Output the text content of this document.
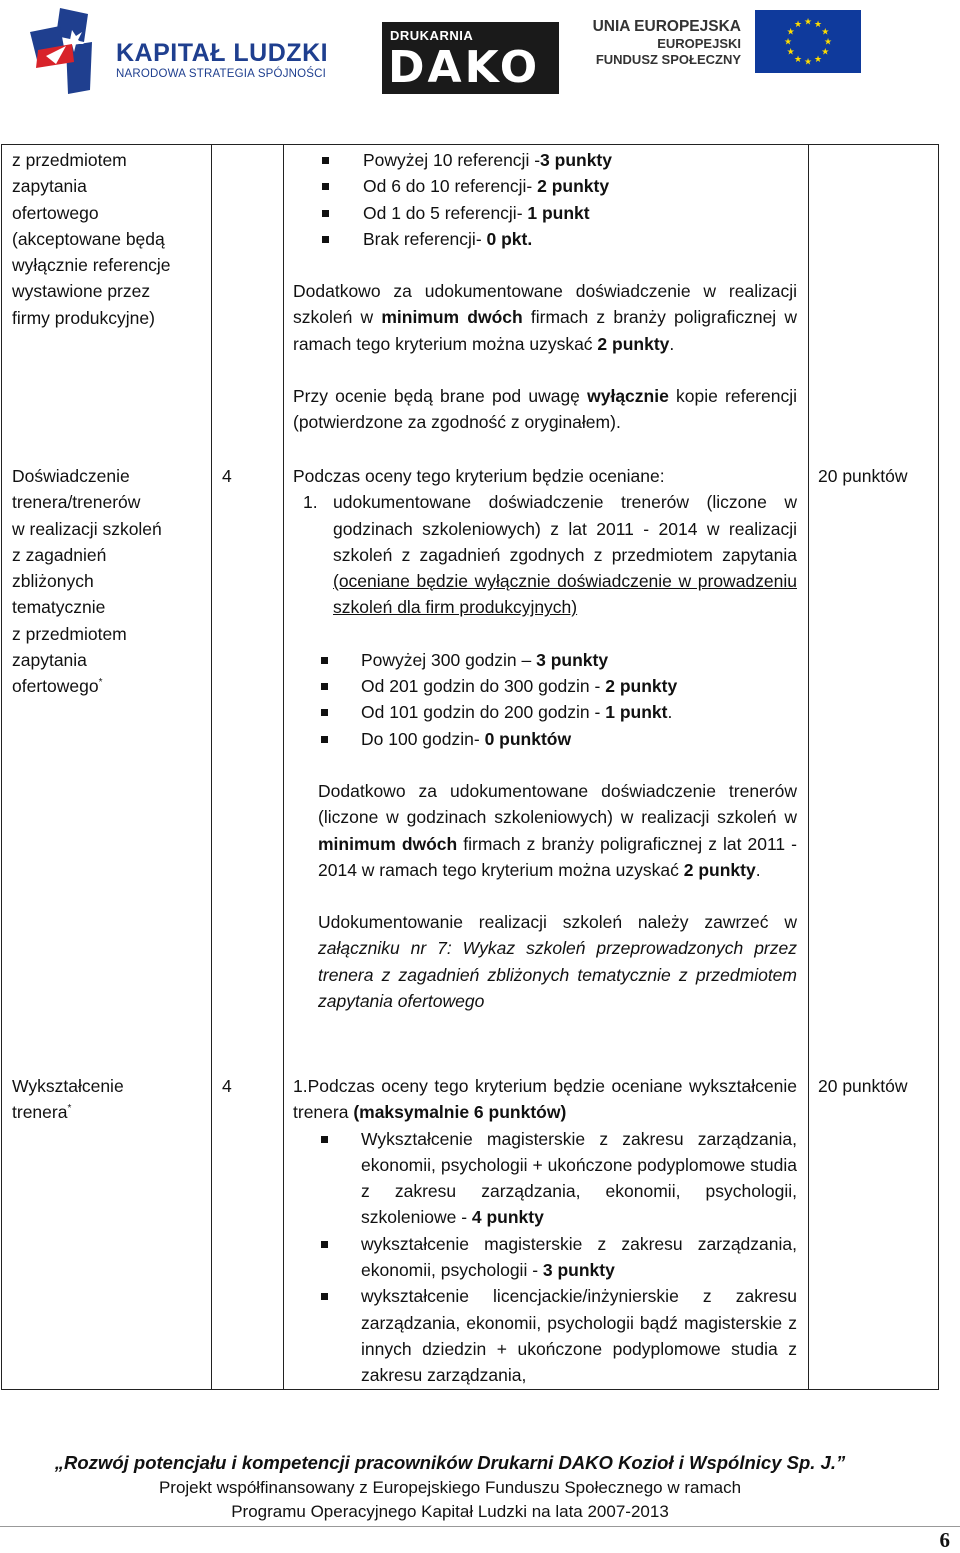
KAPITAŁ LUDZKI
NARODOWA STRATEGIA SPÓJNOŚCI
DRUKARNIA
DAKO
UNIA EUROPEJSKA
EUROPEJSKI
FUNDUSZ SPOŁECZNY
★
★
★
★
★
★
★
★
★ ★ ★
★
z przedmiotem
zapytania
ofertowego
(akceptowane będą
wyłącznie referencje
wystawione przez
firmy produkcyjne)
Powyżej 10 referencji -3 punkty
Od 6 do 10 referencji- 2 punkty
Od 1 do 5 referencji- 1 punkt
Brak referencji- 0 pkt.

Dodatkowo za udokumentowane doświadczenie w realizacji szkoleń w minimum dwóch firmach z branży poligraficznej w ramach tego kryterium można uzyskać 2 punkty.

Przy ocenie będą brane pod uwagę wyłącznie kopie referencji (potwierdzone za zgodność z oryginałem).

Doświadczenie
trenera/trenerów
w realizacji szkoleń
z zagadnień
zbliżonych
tematycznie
z przedmiotem
zapytania
ofertowego*
4	20 punktów

Podczas oceny tego kryterium będzie oceniane:

1. udokumentowane doświadczenie trenerów (liczone w godzinach szkoleniowych) z lat 2011 - 2014 w realizacji szkoleń z zagadnień zgodnych z przedmiotem zapytania (oceniane będzie wyłącznie doświadczenie w prowadzeniu szkoleń dla firm produkcyjnych)
Powyżej 300 godzin – 3 punkty
Od 201 godzin do 300 godzin - 2 punkty
Od 101 godzin do 200 godzin - 1 punkt.
Do 100 godzin- 0 punktów

Dodatkowo za udokumentowane doświadczenie trenerów (liczone w godzinach szkoleniowych) w realizacji szkoleń w minimum dwóch firmach z branży poligraficznej z lat 2011 - 2014 w ramach tego kryterium można uzyskać 2 punkty.

Udokumentowanie realizacji szkoleń należy zawrzeć w załączniku nr 7: Wykaz szkoleń przeprowadzonych przez trenera z zagadnień zbliżonych tematycznie z przedmiotem zapytania ofertowego

Wykształcenie
trenera*
4	20 punktów

1.Podczas oceny tego kryterium będzie oceniane wykształcenie trenera (maksymalnie 6 punktów)

Wykształcenie magisterskie z zakresu zarządzania, ekonomii, psychologii + ukończone podyplomowe studia z zakresu zarządzania, ekonomii, psychologii, szkoleniowe - 4 punkty
wykształcenie magisterskie z zakresu zarządzania, ekonomii, psychologii - 3 punkty
wykształcenie licencjackie/inżynierskie z zakresu zarządzania, ekonomii, psychologii bądź magisterskie z innych dziedzin + ukończone podyplomowe studia z zakresu zarządzania,
„Rozwój potencjału i kompetencji pracowników Drukarni DAKO Kozioł i Wspólnicy Sp. J.”
Projekt współfinansowany z Europejskiego Funduszu Społecznego w ramach
Programu Operacyjnego Kapitał Ludzki na lata 2007-2013
6
